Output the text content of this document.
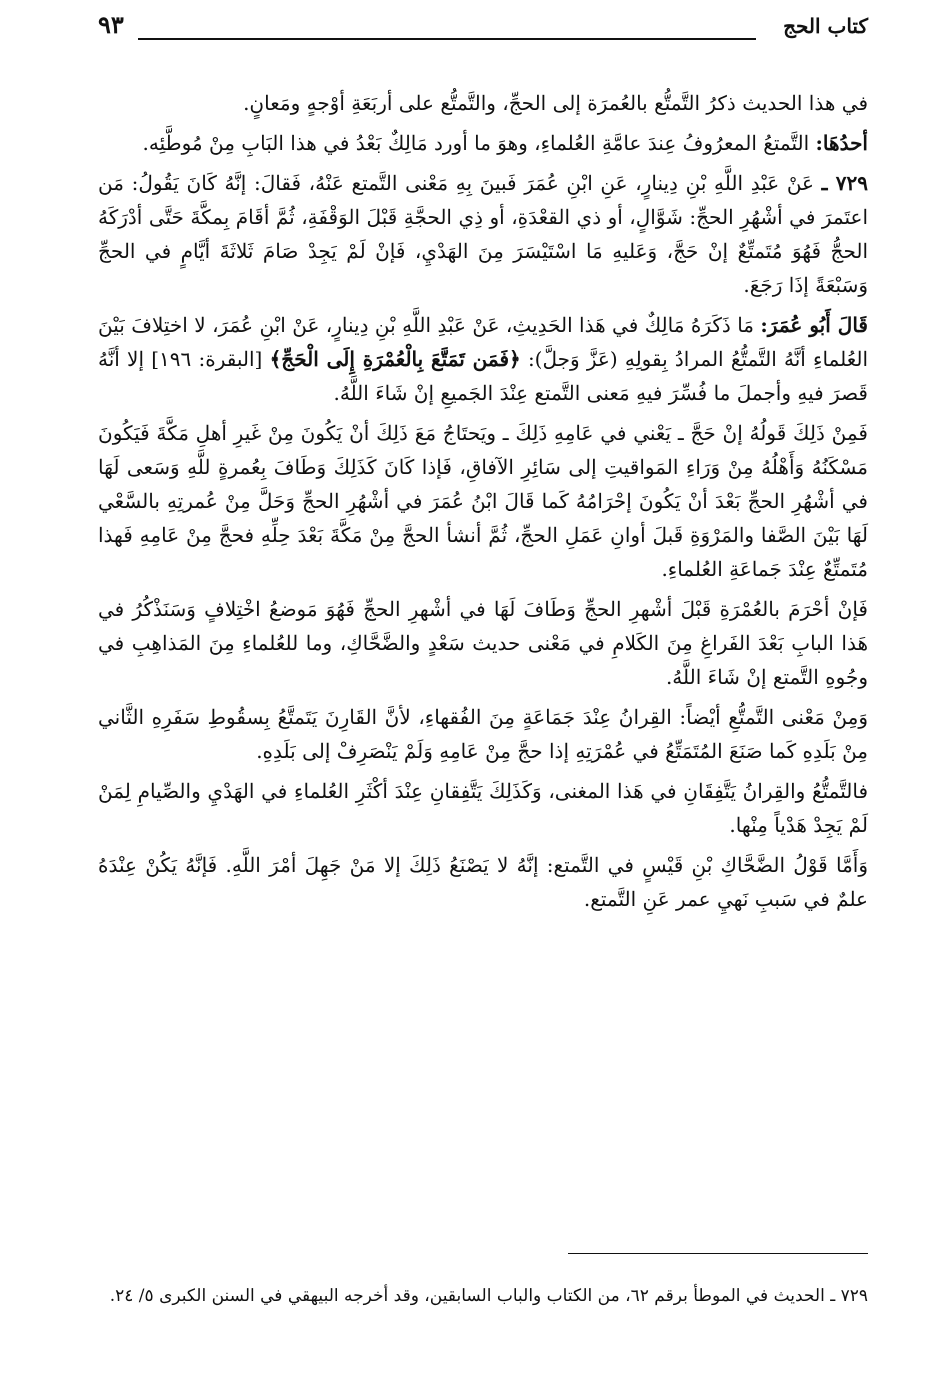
كتاب الحج
٩٣

في هذا الحديث ذكرُ التَّمتُّع بالعُمرَة إلى الحجِّ، والتَّمتُّع على أربَعَةِ أوْجهٍ ومَعانٍ.

أحدُهَا: التَّمتعُ المعرُوفُ عِندَ عامَّةِ العُلماءِ، وهوَ ما أورد مَالِكٌ بَعْدُ في هذا البَابِ مِنْ مُوطَّئِه.

٧٢٩ ـ عَنْ عَبْدِ اللَّهِ بْنِ دِينارٍ، عَنِ ابْنِ عُمَرَ فَبينَ بِهِ مَعْنى التَّمتع عَنْهُ، فَقالَ: إنَّهُ كَانَ يَقُولُ: مَن اعتَمرَ في أشْهُرِ الحجِّ: شَوَّالٍ، أو ذي القعْدَةِ، أو ذِي الحجَّةِ قَبْلَ الوَقْفَةِ، ثُمَّ أقَامَ بِمكَّةَ حَتَّى أدْرَكَهُ الحجُّ فَهُوَ مُتَمتِّعٌ إنْ حَجَّ، وَعَليهِ مَا اسْتَيْسَرَ مِنَ الهَدْيِ، فَإنْ لَمْ يَجِدْ صَامَ ثَلاثَةَ أيَّامٍ في الحجِّ وَسَبْعَةً إذَا رَجَعَ.

قَالَ أَبُو عُمَرَ: مَا ذَكَرَهُ مَالِكٌ في هَذا الحَدِيثِ، عَنْ عَبْدِ اللَّهِ بْنِ دِينارٍ، عَنْ ابْنِ عُمَرَ، لا اختِلافَ بَيْنَ العُلماءِ أنَّهُ التَّمتُّعُ المرادُ بِقولِهِ (عَزَّ وَجلَّ): ﴿فَمَن تَمَتَّعَ بِالْعُمْرَةِ إِلَى الْحَجِّ﴾ [البقرة: ١٩٦] إلا أنَّهُ قَصرَ فيهِ وأجملَ ما فُسِّرَ فيهِ مَعنى التَّمتع عِنْدَ الجَميعِ إنْ شَاءَ اللَّهُ.

فَمِنْ ذَلِكَ قَولُهُ إنْ حَجَّ ـ يَعْني في عَامِهِ ذَلِكَ ـ ويَحتَاجُ مَعَ ذَلِكَ أنْ يَكُونَ مِنْ غَيرِ أهلِ مَكَّةَ فَيَكُونَ مَسْكَنُهُ وَأَهْلُهُ مِنْ وَرَاءِ المَواقيتِ إلى سَائِرِ الآفاقِ، فَإذا كَانَ كَذَلِكَ وَطَافَ بِعُمرةٍ للَّهِ وَسَعى لَهَا في أشْهُرِ الحجِّ بَعْدَ أنْ يَكُونَ إحْرَامُهُ كَما قَالَ ابْنُ عُمَرَ في أشْهُرِ الحجِّ وَحَلَّ مِنْ عُمرتِهِ بالسَّعْي لَهَا بَيْنَ الصَّفا والمَرْوَةِ قَبلَ أوانِ عَمَلِ الحجِّ، ثُمَّ أنشأ الحجَّ مِنْ مَكَّةَ بَعْدَ حِلِّهِ فحجَّ مِنْ عَامِهِ فَهذا مُتَمتِّعٌ عِنْدَ جَماعَةِ العُلماءِ.

فَإنْ أحْرَمَ بالعُمْرَةِ قَبْلَ أشْهرِ الحجِّ وَطَافَ لَهَا في أشْهرِ الحجِّ فَهُوَ مَوضعُ اخْتِلافٍ وَسَنَذْكُرُ في هَذا البابِ بَعْدَ الفَراغِ مِنَ الكَلامِ في مَعْنى حديث سَعْدٍ والضَّحَّاكِ، وما للعُلماءِ مِنَ المَذاهِبِ في وجُوهِ التَّمتع إنْ شَاءَ اللَّهُ.

وَمِنْ مَعْنى التَّمتُّعِ أيْضاً: القِرانُ عِنْدَ جَمَاعَةٍ مِنَ الفُقهاءِ، لأنَّ القَارِنَ يَتَمتَّعُ بِسقُوطِ سَفَرِهِ الثَّاني مِنْ بَلَدِهِ كَما صَنَعَ المُتَمَتِّعُ في عُمْرَتِهِ إذا حجَّ مِنْ عَامِهِ وَلَمْ يَنْصَرِفْ إلى بَلَدِهِ.

فالتَّمتُّعُ والقِرانُ يَتَّفِقَانِ في هَذا المغنى، وَكَذَلِكَ يَتَّفِقانِ عِنْدَ أكْثَرِ العُلماءِ في الهَدْيِ والصِّيامِ لِمَنْ لَمْ يَجِدْ هَدْياً مِنْها.

وَأَمَّا قَوْلُ الضَّحَّاكِ بْنِ قَيْسٍ في التَّمتع: إنَّهُ لا يَصْنَعُ ذَلِكَ إلا مَنْ جَهِلَ أمْرَ اللَّهِ. فَإنَّهُ يَكُنْ عِنْدَهُ علمٌ في سَببِ نَهيِ عمر عَنِ التَّمتع.

٧٢٩ ـ الحديث في الموطأ برقم ٦٢، من الكتاب والباب السابقين، وقد أخرجه البيهقي في السنن الكبرى ٥/ ٢٤.
